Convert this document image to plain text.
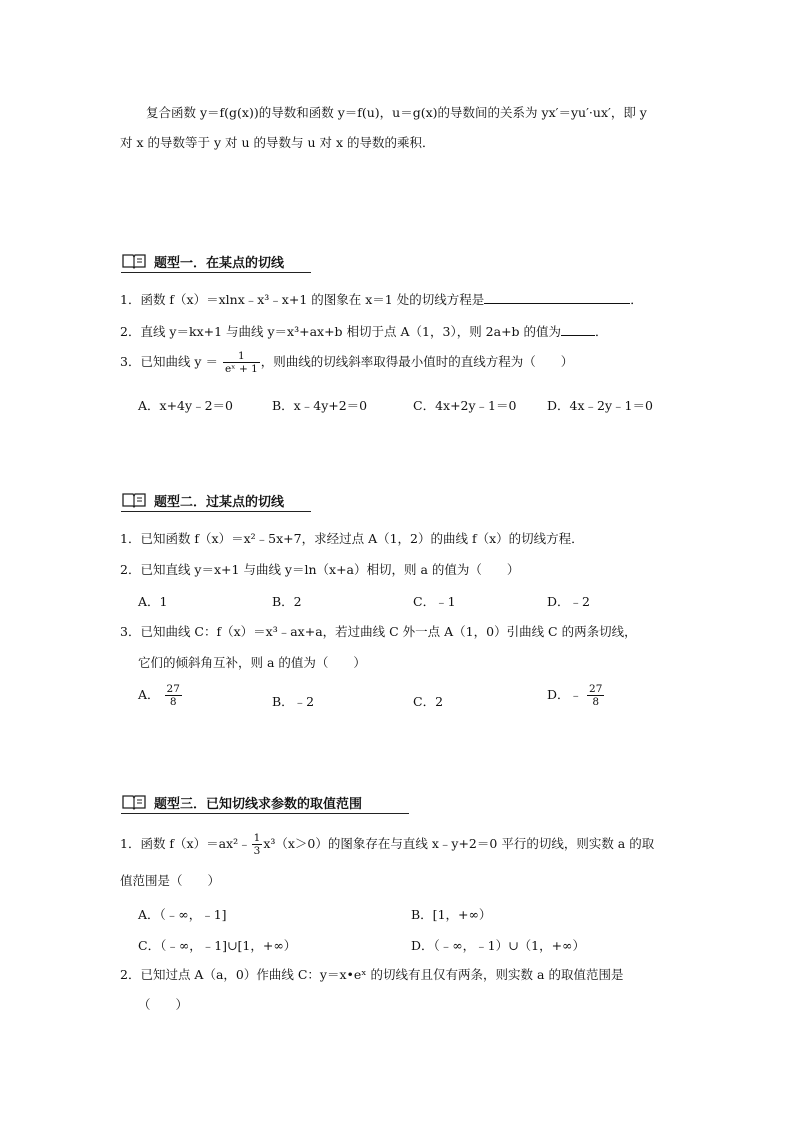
复合函数 y＝f(g(x))的导数和函数 y＝f(u)，u＝g(x)的导数间的关系为 yx′＝yu′·ux′，即 y
对 x 的导数等于 y 对 u 的导数与 u 对 x 的导数的乘积．
题型一．在某点的切线
1．函数 f（x）＝xlnx﹣x³﹣x+1 的图象在 x＝1 处的切线方程是	．
2．直线 y＝kx+1 与曲线 y＝x³+ax+b 相切于点 A（1，3），则 2a+b 的值为	．
3．已知曲线 $y = \frac{1}{\text{eˣ + 1}}$ ，则曲线的切线斜率取得最小值时的直线方程为（　　）
A．x+4y﹣2＝0	B．x﹣4y+2＝0	C．4x+2y﹣1＝0 D．4x﹣2y﹣1＝0
题型二．过某点的切线
1．已知函数 f（x）＝x²﹣5x+7，求经过点 A（1，2）的曲线 f（x）的切线方程．
2．已知直线 y＝x+1 与曲线 y＝ln（x+a）相切，则 a 的值为（　　）
A．1	B．2	C．﹣1	D．﹣2
3．已知曲线 C：f（x）＝x³﹣ax+a，若过曲线 C 外一点 A（1，0）引曲线 C 的两条切线，
它们的倾斜角互补，则 a 的值为（　　）
A． $\frac{27}{8}$	B．﹣2	C．2	D．﹣ $\frac{27}{8}$
题型三．已知切线求参数的取值范围
1．函数 f（x）＝ax²﹣ $\frac{1}{3} x^3(x>0)$的图象存在与直线 x﹣y+2＝0 平行的切线，则实数 a 的取
值范围是（　　）
A．（﹣∞，﹣1]	B．[1，+∞）
C．（﹣∞，﹣1]∪[1，+∞）	D．（﹣∞，﹣1）∪（1，+∞）
2．已知过点 A（a，0）作曲线 C：y＝x•eˣ 的切线有且仅有两条，则实数 a 的取值范围是
（　　）
